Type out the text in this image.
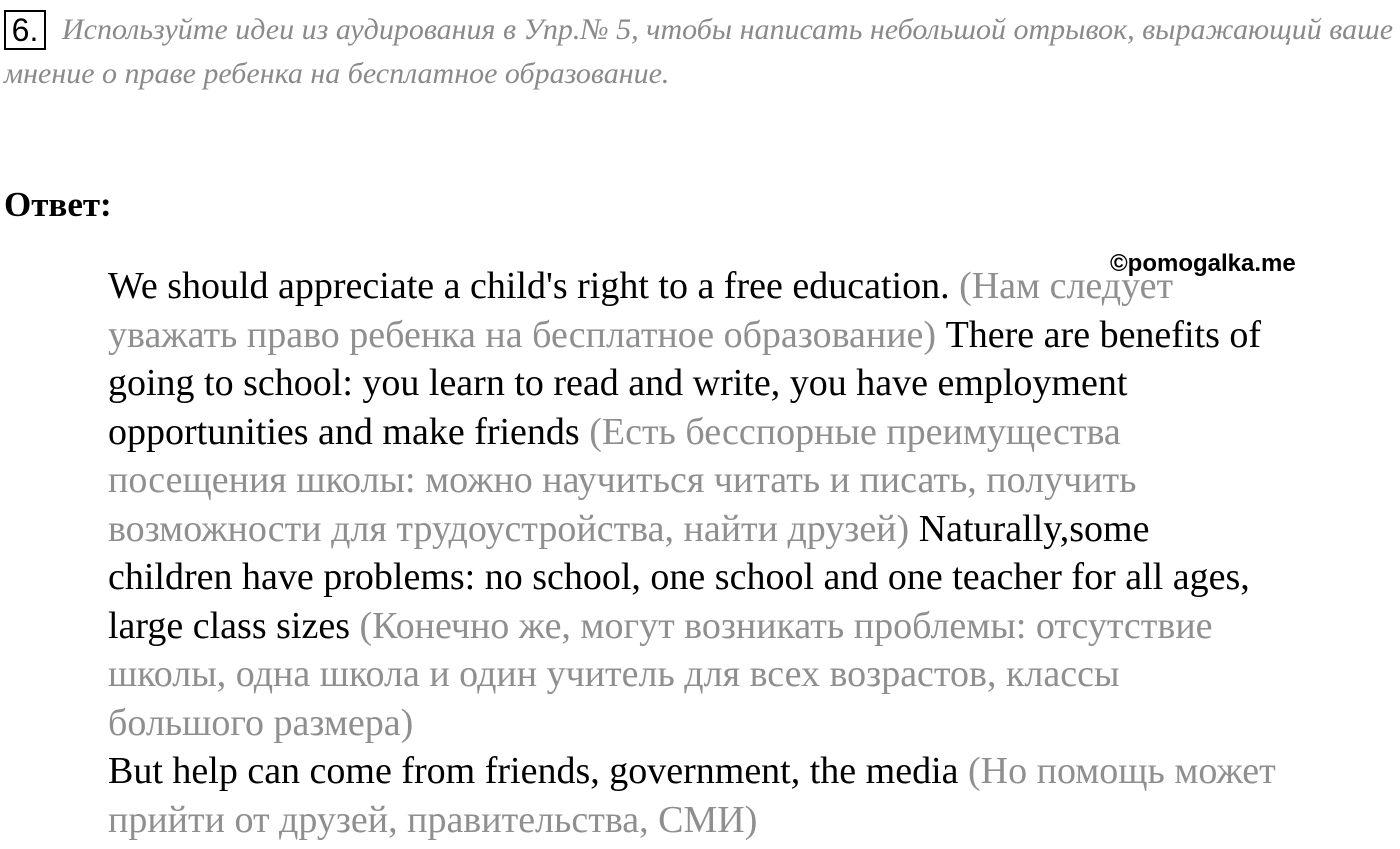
Используйте идеи из аудирования в Упр.№ 5, чтобы написать небольшой отрывок, выражающий ваше мнение о праве ребенка на бесплатное образование.
6.
Ответ:
©pomogalka.me
We should appreciate a child's right to a free education. (Нам следует
уважать право ребенка на бесплатное образование) There are benefits of
going to school: you learn to read and write, you have employment
opportunities and make friends (Есть бесспорные преимущества
посещения школы: можно научиться читать и писать, получить
возможности для трудоустройства, найти друзей) Naturally,some
children have problems: no school, one school and one teacher for all ages,
large class sizes (Конечно же, могут возникать проблемы: отсутствие
школы, одна школа и один учитель для всех возрастов, классы
большого размера)
But help can come from friends, government, the media (Но помощь может
прийти от друзей, правительства, СМИ)
